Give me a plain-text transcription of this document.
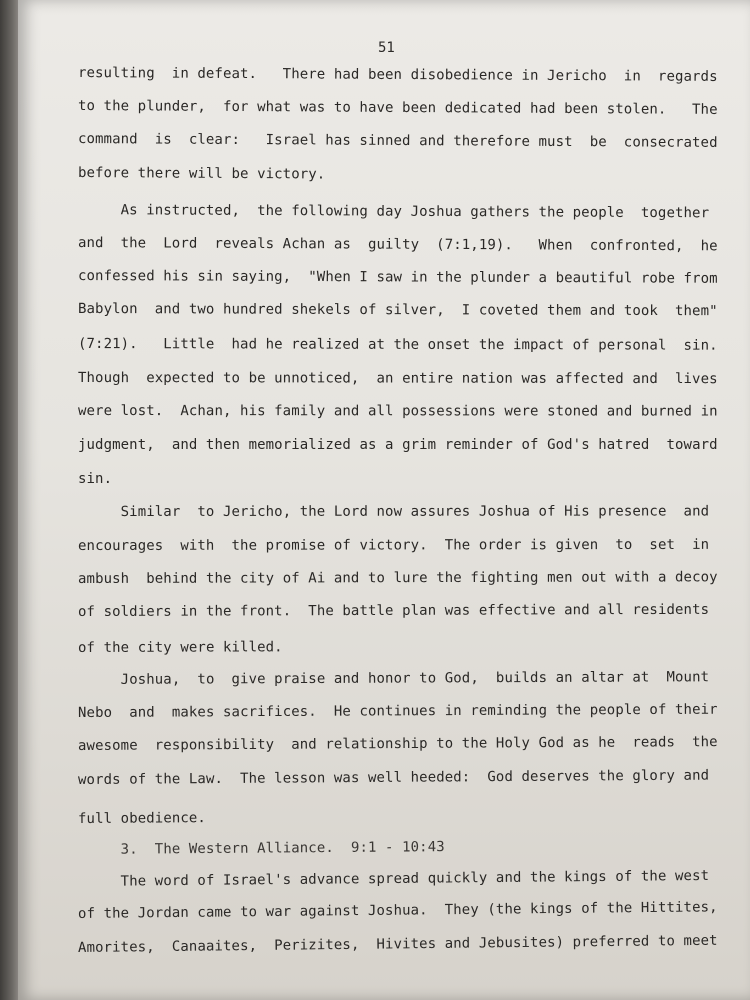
51
resulting  in defeat.   There had been disobedience in Jericho  in  regards
to the plunder,  for what was to have been dedicated had been stolen.   The
command  is  clear:   Israel has sinned and therefore must  be  consecrated
before there will be victory.
As instructed,  the following day Joshua gathers the people  together
and  the  Lord  reveals Achan as  guilty  (7:1,19).   When  confronted,  he
confessed his sin saying,  "When I saw in the plunder a beautiful robe from
Babylon  and two hundred shekels of silver,  I coveted them and took  them"
(7:21).   Little  had he realized at the onset the impact of personal  sin.
Though  expected to be unnoticed,  an entire nation was affected and  lives
were lost.  Achan, his family and all possessions were stoned and burned in
judgment,  and then memorialized as a grim reminder of God's hatred  toward
sin.
Similar  to Jericho, the Lord now assures Joshua of His presence  and
encourages  with  the promise of victory.  The order is given  to  set  in
ambush  behind the city of Ai and to lure the fighting men out with a decoy
of soldiers in the front.  The battle plan was effective and all residents
of the city were killed.
Joshua,  to  give praise and honor to God,  builds an altar at  Mount
Nebo  and  makes sacrifices.  He continues in reminding the people of their
awesome  responsibility  and relationship to the Holy God as he  reads  the
words of the Law.  The lesson was well heeded:  God deserves the glory and
full obedience.
3.  The Western Alliance.  9:1 - 10:43
The word of Israel's advance spread quickly and the kings of the west
of the Jordan came to war against Joshua.  They (the kings of the Hittites,
Amorites,  Canaaites,  Perizites,  Hivites and Jebusites) preferred to meet
